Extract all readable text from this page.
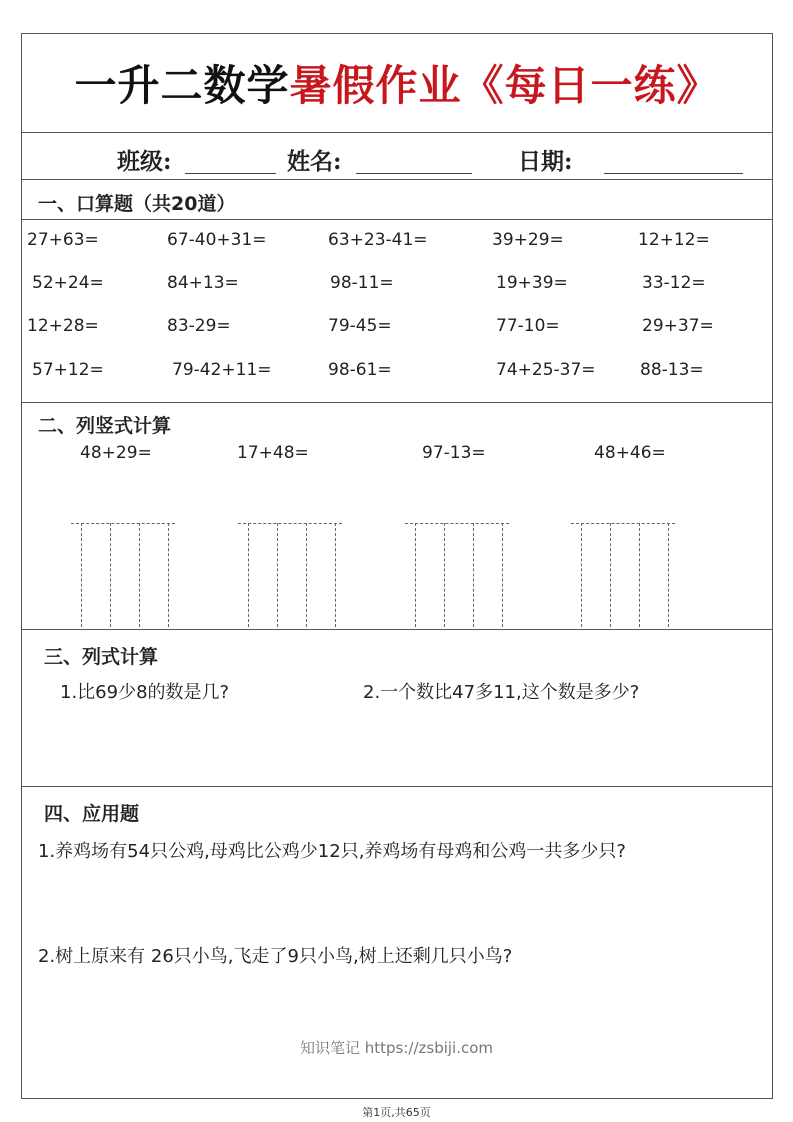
一升二数学 暑假作业《每日一练》
班级:	姓名:	日期:
一、口算题（共20道）
27+63=	67-40+31=	63+23-41=	39+29=	12+12=
52+24=	84+13=	98-11=	19+39=	33-12=
12+28=	83-29=	79-45=	77-10=	29+37=
57+12=	79-42+11=	98-61=	74+25-37=	88-13=
二、列竖式计算
48+29=	17+48=	97-13=	48+46=
三、列式计算
1.比69少8的数是几?	2.一个数比47多11,这个数是多少?
四、应用题
1.养鸡场有54只公鸡,母鸡比公鸡少12只,养鸡场有母鸡和公鸡一共多少只?
2.树上原来有 26只小鸟,飞走了9只小鸟,树上还剩几只小鸟?
知识笔记 https://zsbiji.com
第1页,共65页
